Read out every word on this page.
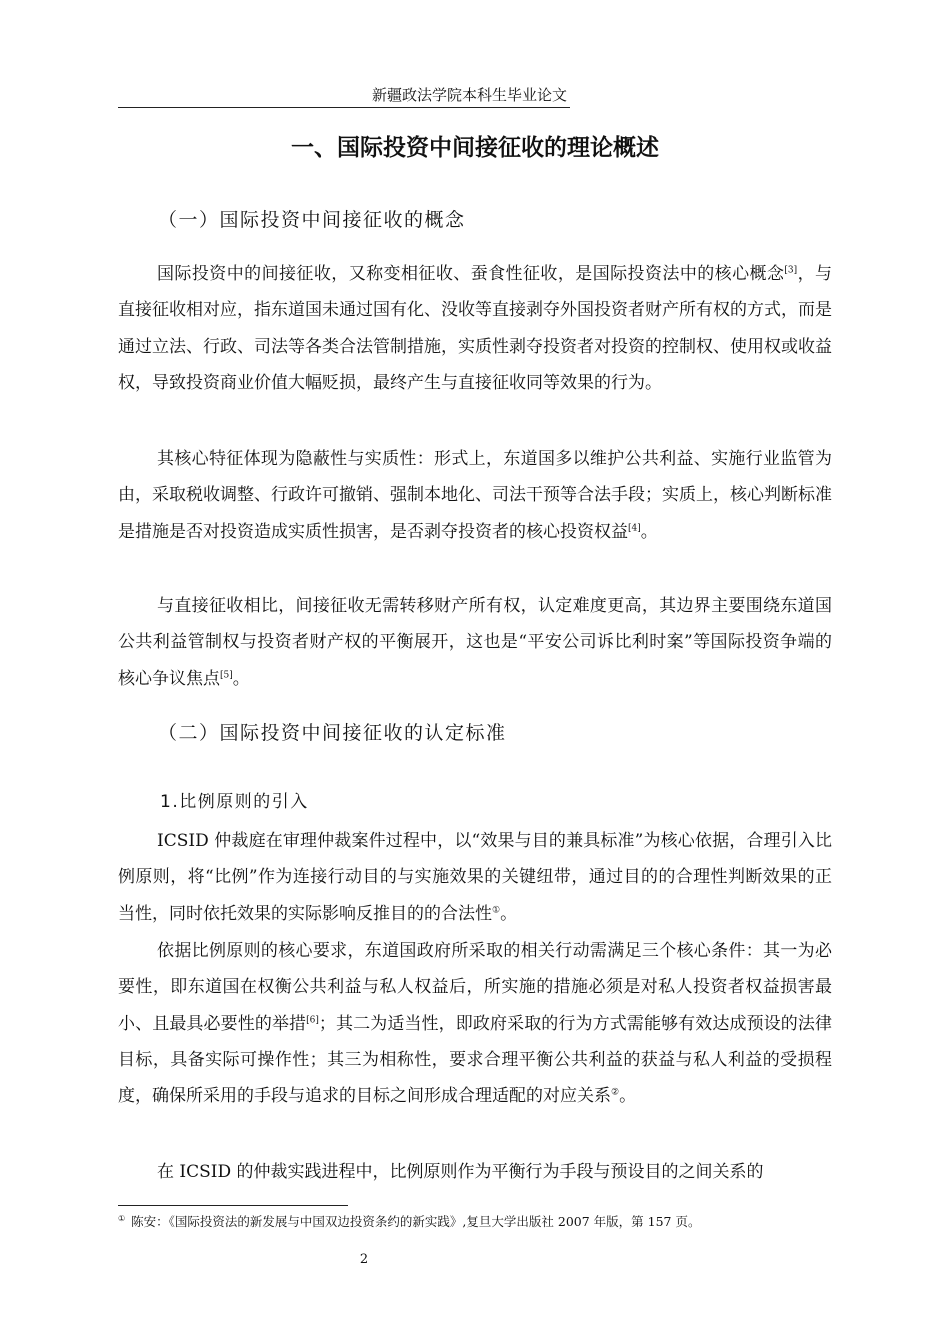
新疆政法学院本科生毕业论文
一、国际投资中间接征收的理论概述
（一）国际投资中间接征收的概念

国际投资中的间接征收，又称变相征收、蚕食性征收，是国际投资法中的核心概念[3]，与直接征收相对应，指东道国未通过国有化、没收等直接剥夺外国投资者财产所有权的方式，而是通过立法、行政、司法等各类合法管制措施，实质性剥夺投资者对投资的控制权、使用权或收益权，导致投资商业价值大幅贬损，最终产生与直接征收同等效果的行为。

其核心特征体现为隐蔽性与实质性：形式上，东道国多以维护公共利益、实施行业监管为由，采取税收调整、行政许可撤销、强制本地化、司法干预等合法手段；实质上，核心判断标准是措施是否对投资造成实质性损害，是否剥夺投资者的核心投资权益[4]。

与直接征收相比，间接征收无需转移财产所有权，认定难度更高，其边界主要围绕东道国公共利益管制权与投资者财产权的平衡展开，这也是“平安公司诉比利时案”等国际投资争端的核心争议焦点[5]。

（二）国际投资中间接征收的认定标准
1.比例原则的引入

ICSID 仲裁庭在审理仲裁案件过程中，以“效果与目的兼具标准”为核心依据，合理引入比例原则，将“比例”作为连接行动目的与实施效果的关键纽带，通过目的的合理性判断效果的正当性，同时依托效果的实际影响反推目的的合法性①。

依据比例原则的核心要求，东道国政府所采取的相关行动需满足三个核心条件：其一为必要性，即东道国在权衡公共利益与私人权益后，所实施的措施必须是对私人投资者权益损害最小、且最具必要性的举措[6]；其二为适当性，即政府采取的行为方式需能够有效达成预设的法律目标，具备实际可操作性；其三为相称性，要求合理平衡公共利益的获益与私人利益的受损程度，确保所采用的手段与追求的目标之间形成合理适配的对应关系②。

在 ICSID 的仲裁实践进程中，比例原则作为平衡行为手段与预设目的之间关系的

① 陈安：《国际投资法的新发展与中国双边投资条约的新实践》,复旦大学出版社 2007 年版，第 157 页。
2
